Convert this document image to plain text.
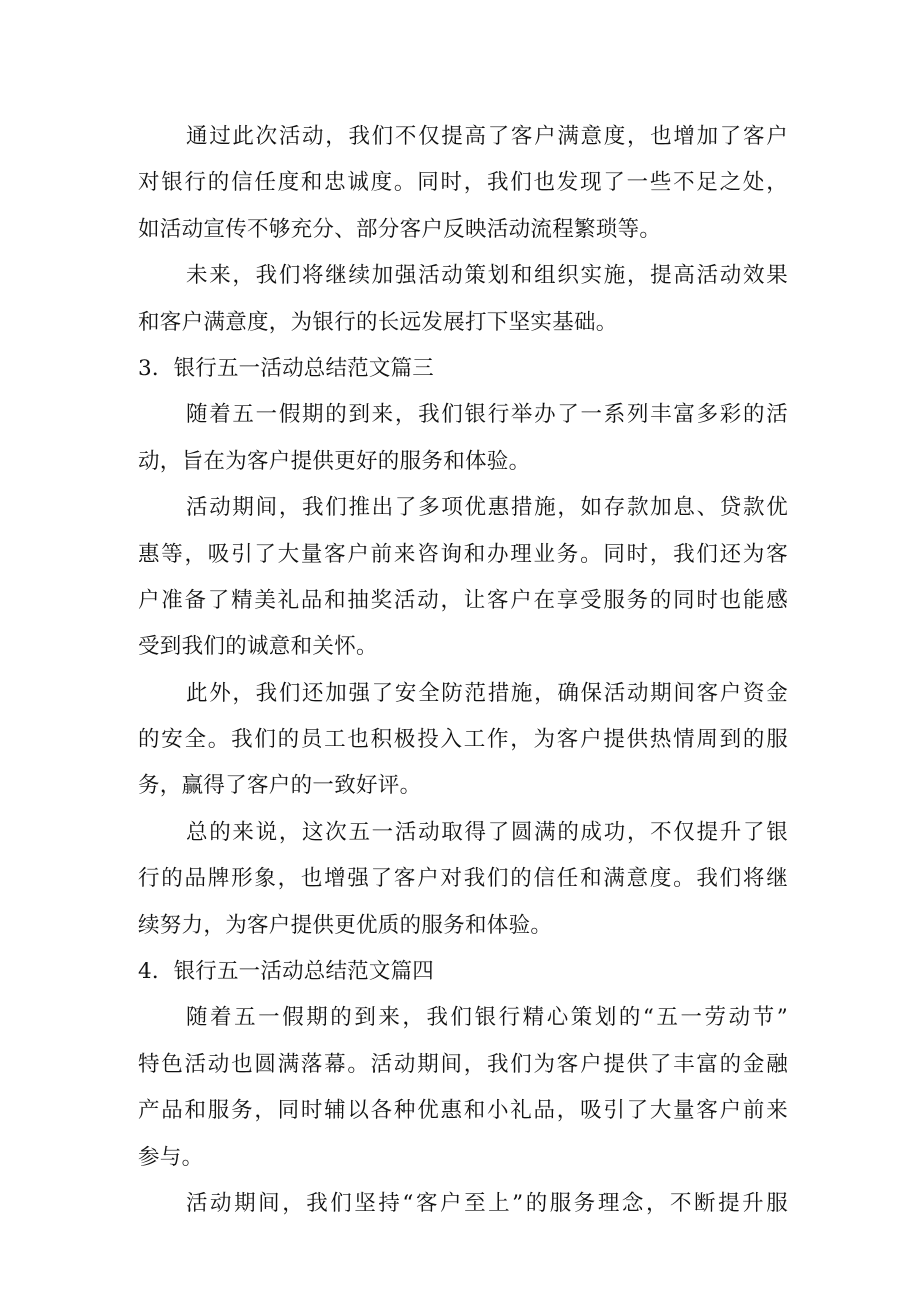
通过此次活动，我们不仅提高了客户满意度，也增加了客户
对银行的信任度和忠诚度。同时，我们也发现了一些不足之处，
如活动宣传不够充分、部分客户反映活动流程繁琐等。
未来，我们将继续加强活动策划和组织实施，提高活动效果
和客户满意度，为银行的长远发展打下坚实基础。
3．银行五一活动总结范文篇三
随着五一假期的到来，我们银行举办了一系列丰富多彩的活
动，旨在为客户提供更好的服务和体验。
活动期间，我们推出了多项优惠措施，如存款加息、贷款优
惠等，吸引了大量客户前来咨询和办理业务。同时，我们还为客
户准备了精美礼品和抽奖活动，让客户在享受服务的同时也能感
受到我们的诚意和关怀。
此外，我们还加强了安全防范措施，确保活动期间客户资金
的安全。我们的员工也积极投入工作，为客户提供热情周到的服
务，赢得了客户的一致好评。
总的来说，这次五一活动取得了圆满的成功，不仅提升了银
行的品牌形象，也增强了客户对我们的信任和满意度。我们将继
续努力，为客户提供更优质的服务和体验。
4．银行五一活动总结范文篇四
随着五一假期的到来，我们银行精心策划的“五一劳动节”
特色活动也圆满落幕。活动期间，我们为客户提供了丰富的金融
产品和服务，同时辅以各种优惠和小礼品，吸引了大量客户前来
参与。
活动期间，我们坚持“客户至上”的服务理念，不断提升服
